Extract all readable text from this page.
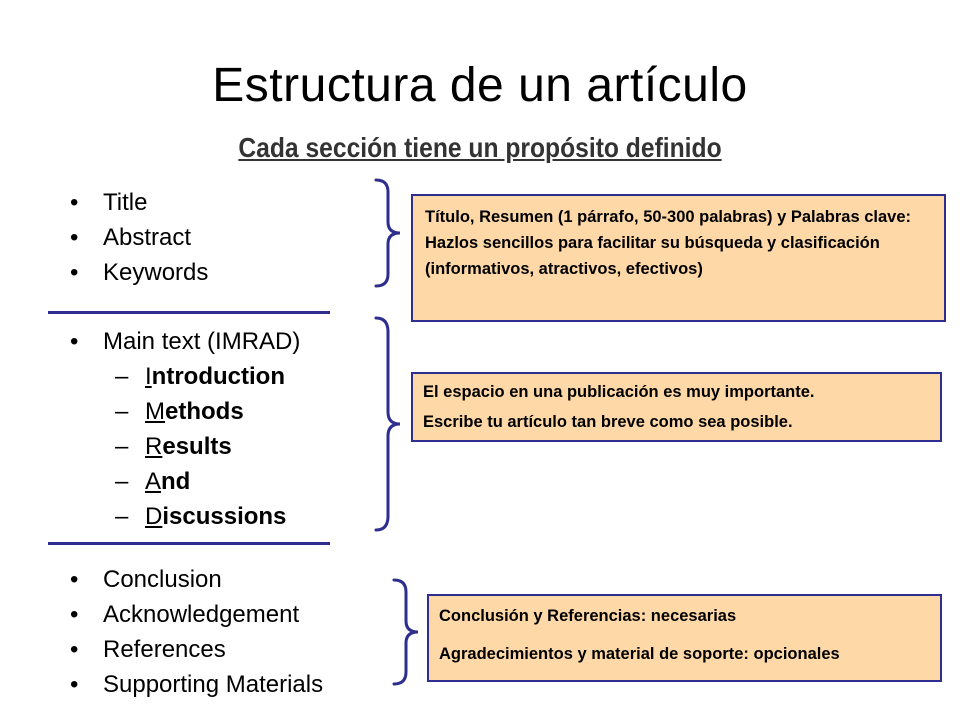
Estructura de un artículo
Cada sección tiene un propósito definido
• Title
• Abstract
• Keywords
• Main text (IMRAD)
– Introduction
– Methods
– Results
– And
– Discussions
• Conclusion
• Acknowledgement
• References
• Supporting Materials
Título, Resumen (1 párrafo, 50-300 palabras) y Palabras clave: Hazlos sencillos para facilitar su búsqueda y clasificación (informativos, atractivos, efectivos)
El espacio en una publicación es muy importante.
Escribe tu artículo tan breve como sea posible.
Conclusión y Referencias: necesarias
Agradecimientos y material de soporte: opcionales
